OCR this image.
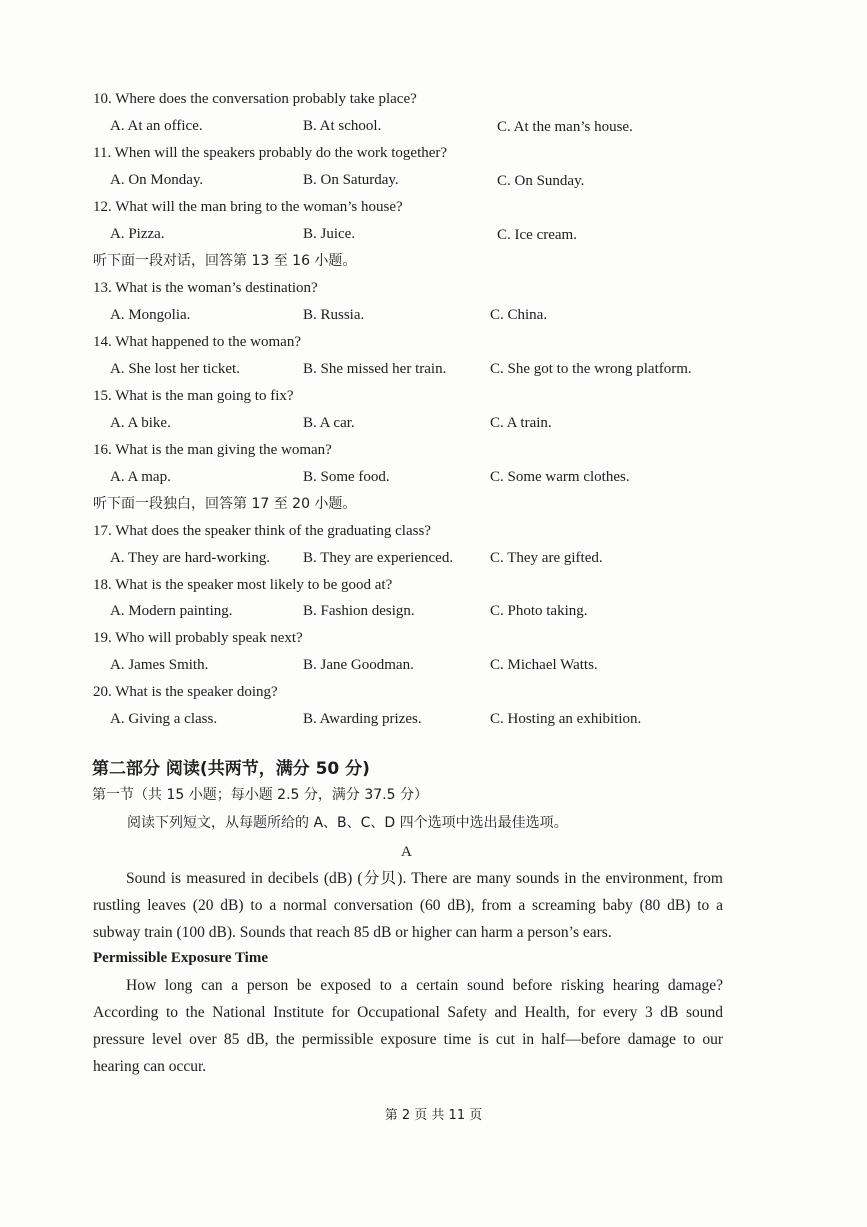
10. Where does the conversation probably take place?
A. At an office.	B. At school.	C. At the man’s house.
11. When will the speakers probably do the work together?
A. On Monday.	B. On Saturday.	C. On Sunday.
12. What will the man bring to the woman’s house?
A. Pizza.	B. Juice.	C. Ice cream.
听下面一段对话，回答第 13 至 16 小题。
13. What is the woman’s destination?
A. Mongolia.	B. Russia.	C. China.
14. What happened to the woman?
A. She lost her ticket.	B. She missed her train.	C. She got to the wrong platform.
15. What is the man going to fix?
A. A bike.	B. A car.	C. A train.
16. What is the man giving the woman?
A. A map.	B. Some food.	C. Some warm clothes.
听下面一段独白，回答第 17 至 20 小题。
17. What does the speaker think of the graduating class?
A. They are hard-working. B. They are experienced. C. They are gifted.
18. What is the speaker most likely to be good at?
A. Modern painting.	B. Fashion design.	C. Photo taking.
19. Who will probably speak next?
A. James Smith.	B. Jane Goodman.	C. Michael Watts.
20. What is the speaker doing?
A. Giving a class.	B. Awarding prizes.	C. Hosting an exhibition.
第二部分 阅读(共两节，满分 50 分)
第一节（共 15 小题；每小题 2.5 分，满分 37.5 分）
阅读下列短文，从每题所给的 A、B、C、D 四个选项中选出最佳选项。
A
Sound is measured in decibels (dB) (分贝). There are many sounds in the environment, from rustling leaves (20 dB) to a normal conversation (60 dB), from a screaming baby (80 dB) to a subway train (100 dB). Sounds that reach 85 dB or higher can harm a person’s ears.
Permissible Exposure Time
How long can a person be exposed to a certain sound before risking hearing damage? According to the National Institute for Occupational Safety and Health, for every 3 dB sound pressure level over 85 dB, the permissible exposure time is cut in half—before damage to our hearing can occur.
第 2 页 共 11 页
